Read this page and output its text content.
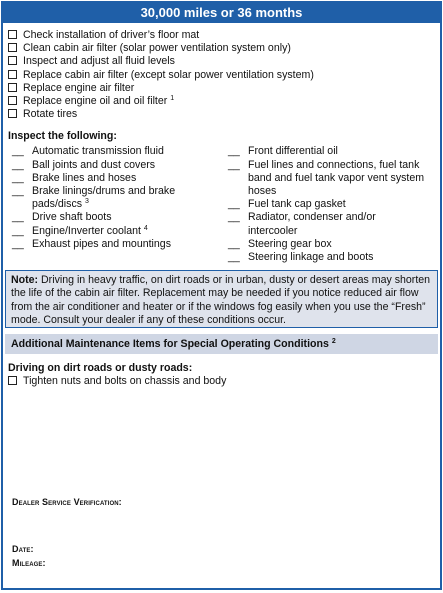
30,000 miles or 36 months
Check installation of driver’s floor mat
Clean cabin air filter (solar power ventilation system only)
Inspect and adjust all fluid levels
Replace cabin air filter (except solar power ventilation system)
Replace engine air filter
Replace engine oil and oil filter $^1$
Rotate tires
Inspect the following:
__ Automatic transmission fluid
__ Ball joints and dust covers
__ Brake lines and hoses
__ Brake linings/drums and brake pads/discs $^3$
__ Drive shaft boots
__ Engine/Inverter coolant $^4$
__ Exhaust pipes and mountings
__ Front differential oil
__ Fuel lines and connections, fuel tank band and fuel tank vapor vent system hoses
__ Fuel tank cap gasket
__ Radiator, condenser and/or intercooler
__ Steering gear box
__ Steering linkage and boots
Note: Driving in heavy traffic, on dirt roads or in urban, dusty or desert areas may shorten the life of the cabin air filter. Replacement may be needed if you notice reduced air flow from the air conditioner and heater or if the windows fog easily when you use the “Fresh” mode. Consult your dealer if any of these conditions occur.
Additional Maintenance Items for Special Operating Conditions $^2$
Driving on dirt roads or dusty roads:
Tighten nuts and bolts on chassis and body
Dealer Service Verification:
Date:
Mileage:
